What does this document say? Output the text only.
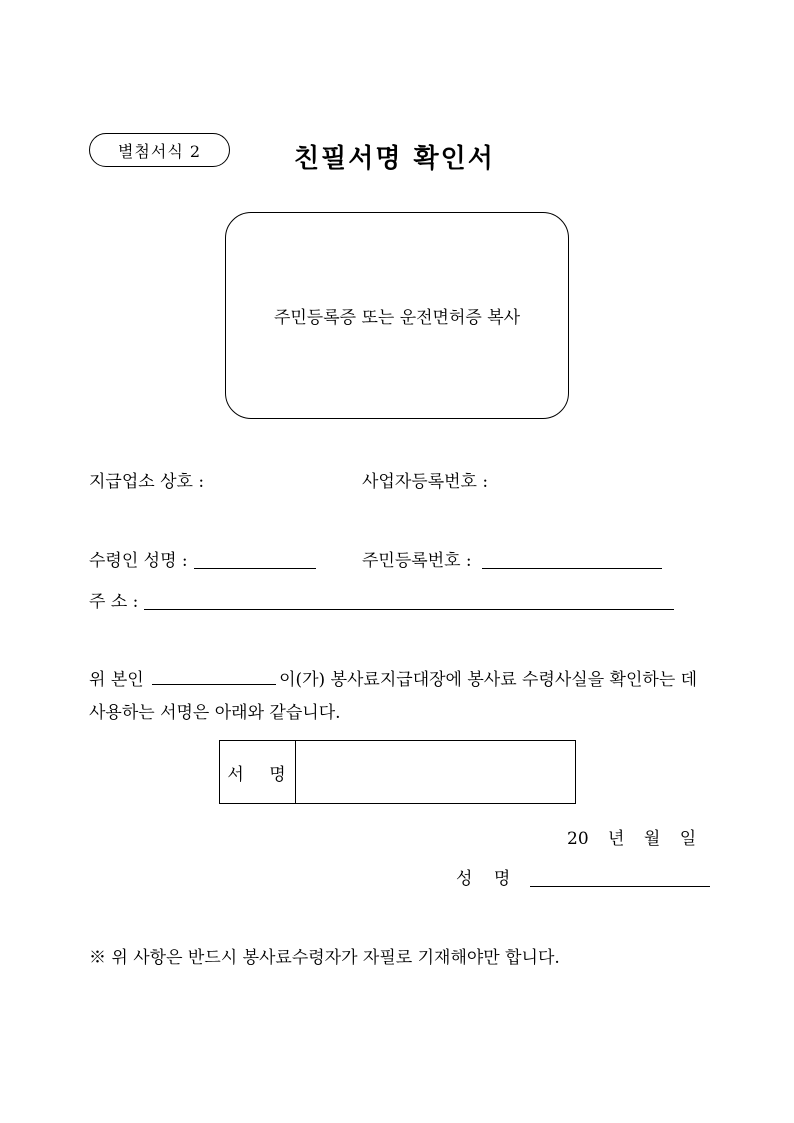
별첨서식 2	친필서명 확인서
주민등록증 또는 운전면허증 복사
지급업소 상호 :	사업자등록번호 :
수령인 성명 :	주민등록번호 :
주 소 :
위 본인	이(가) 봉사료지급대장에 봉사료 수령사실을 확인하는 데 사용하는 서명은 아래와 같습니다.
서 명
20 년 월 일
성 명
※ 위 사항은 반드시 봉사료수령자가 자필로 기재해야만 합니다.
